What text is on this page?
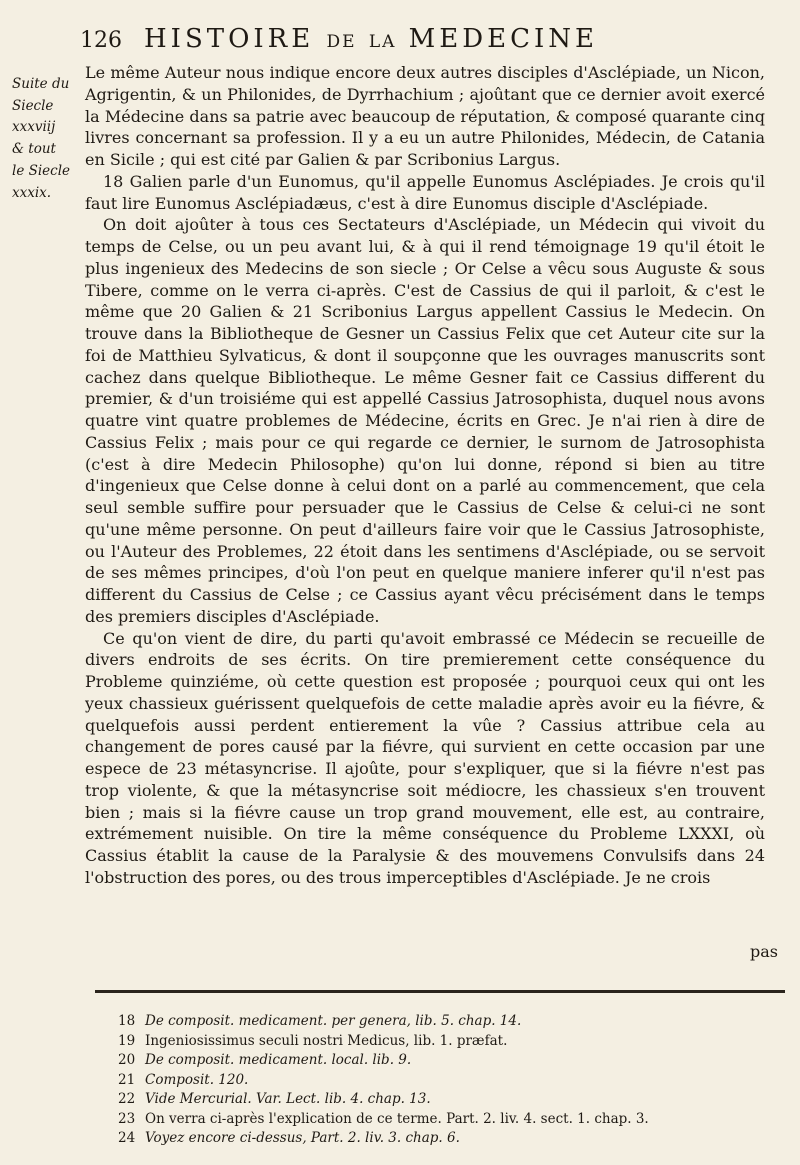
126 HISTOIRE DE LA MEDECINE
Suite du
Siecle
xxxviij
& tout
le Siecle
xxxix.

Le même Auteur nous indique encore deux autres disciples d'Asclépiade, un Nicon, Agrigentin, & un Philonides, de Dyrrhachium ; ajoûtant que ce dernier avoit exercé la Médecine dans sa patrie avec beaucoup de réputation, & composé quarante cinq livres concernant sa profession. Il y a eu un autre Philonides, Médecin, de Catania en Sicile ; qui est cité par Galien & par Scribonius Largus.

18 Galien parle d'un Eunomus, qu'il appelle Eunomus Asclépiades. Je crois qu'il faut lire Eunomus Asclépiadæus, c'est à dire Eunomus disciple d'Asclépiade.

On doit ajoûter à tous ces Sectateurs d'Asclépiade, un Médecin qui vivoit du temps de Celse, ou un peu avant lui, & à qui il rend témoignage 19 qu'il étoit le plus ingenieux des Medecins de son siecle ; Or Celse a vêcu sous Auguste & sous Tibere, comme on le verra ci-après. C'est de Cassius de qui il parloit, & c'est le même que 20 Galien & 21 Scribonius Largus appellent Cassius le Medecin. On trouve dans la Bibliotheque de Gesner un Cassius Felix que cet Auteur cite sur la foi de Matthieu Sylvaticus, & dont il soupçonne que les ouvrages manuscrits sont cachez dans quelque Bibliotheque. Le même Gesner fait ce Cassius different du premier, & d'un troisiéme qui est appellé Cassius Jatrosophista, duquel nous avons quatre vint quatre problemes de Médecine, écrits en Grec. Je n'ai rien à dire de Cassius Felix ; mais pour ce qui regarde ce dernier, le surnom de Jatrosophista (c'est à dire Medecin Philosophe) qu'on lui donne, répond si bien au titre d'ingenieux que Celse donne à celui dont on a parlé au commencement, que cela seul semble suffire pour persuader que le Cassius de Celse & celui-ci ne sont qu'une même personne. On peut d'ailleurs faire voir que le Cassius Jatrosophiste, ou l'Auteur des Problemes, 22 étoit dans les sentimens d'Asclépiade, ou se servoit de ses mêmes principes, d'où l'on peut en quelque maniere inferer qu'il n'est pas different du Cassius de Celse ; ce Cassius ayant vêcu précisément dans le temps des premiers disciples d'Asclépiade.

Ce qu'on vient de dire, du parti qu'avoit embrassé ce Médecin se recueille de divers endroits de ses écrits. On tire premierement cette conséquence du Probleme quinziéme, où cette question est proposée ; pourquoi ceux qui ont les yeux chassieux guérissent quelquefois de cette maladie après avoir eu la fiévre, & quelquefois aussi perdent entierement la vûe ? Cassius attribue cela au changement de pores causé par la fiévre, qui survient en cette occasion par une espece de 23 métasyncrise. Il ajoûte, pour s'expliquer, que si la fiévre n'est pas trop violente, & que la métasyncrise soit médiocre, les chassieux s'en trouvent bien ; mais si la fiévre cause un trop grand mouvement, elle est, au contraire, extrémement nuisible. On tire la même conséquence du Probleme LXXXI, où Cassius établit la cause de la Paralysie & des mouvemens Convulsifs dans 24 l'obstruction des pores, ou des trous imperceptibles d'Asclépiade. Je ne crois

pas
18 De composit. medicament. per genera, lib. 5. chap. 14.
19 Ingeniosissimus seculi nostri Medicus, lib. 1. præfat.
20 De composit. medicament. local. lib. 9.
21 Composit. 120.
22 Vide Mercurial. Var. Lect. lib. 4. chap. 13.
23 On verra ci-après l'explication de ce terme. Part. 2. liv. 4. sect. 1. chap. 3.
24 Voyez encore ci-dessus, Part. 2. liv. 3. chap. 6.
